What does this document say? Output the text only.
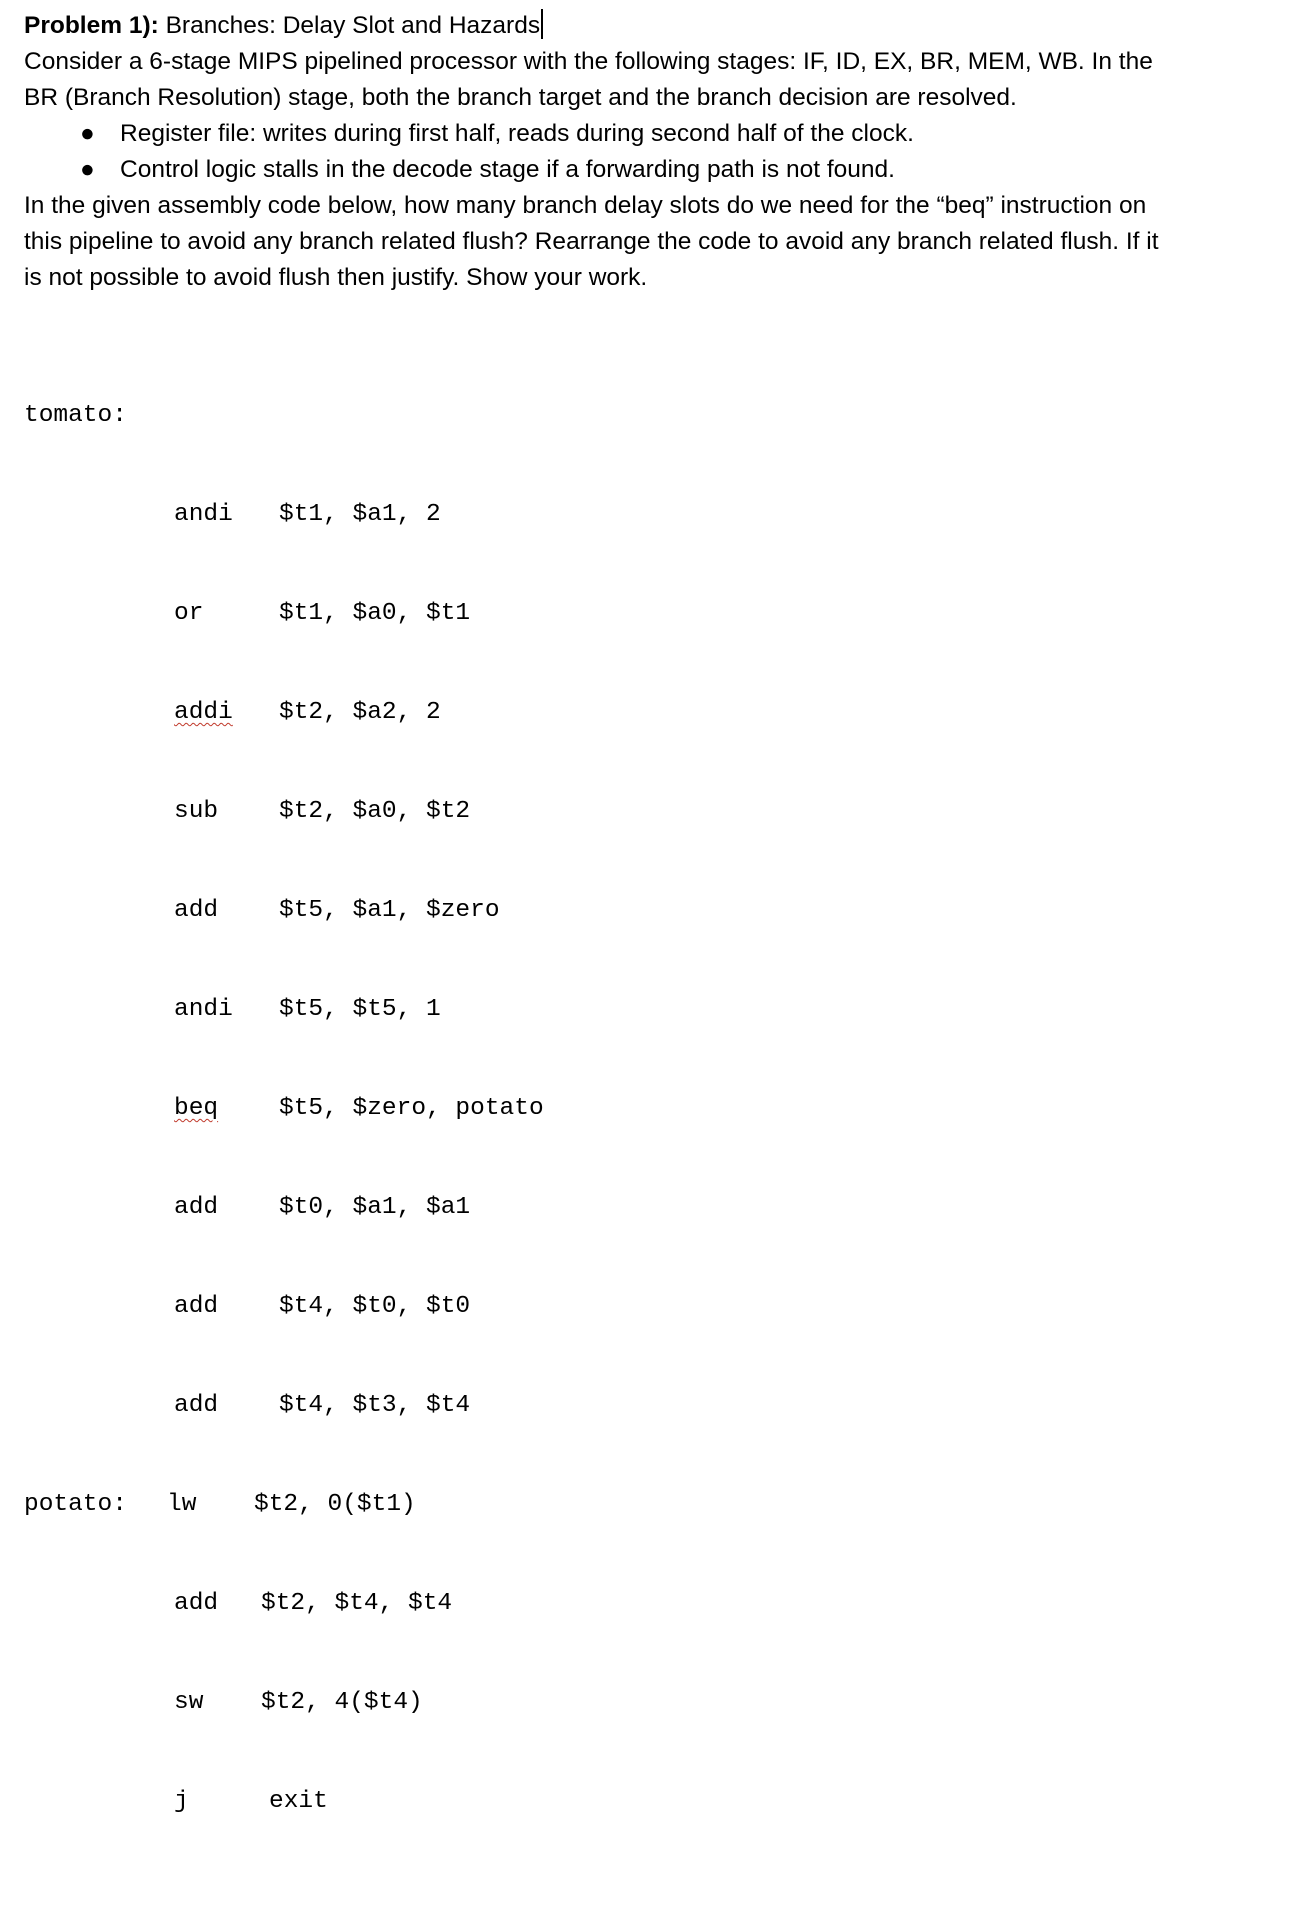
Problem 1): Branches: Delay Slot and Hazards
Consider a 6-stage MIPS pipelined processor with the following stages: IF, ID, EX, BR, MEM, WB. In the
BR (Branch Resolution) stage, both the branch target and the branch decision are resolved.
● Register file: writes during first half, reads during second half of the clock.
● Control logic stalls in the decode stage if a forwarding path is not found.
In the given assembly code below, how many branch delay slots do we need for the “beq” instruction on
this pipeline to avoid any branch related flush? Rearrange the code to avoid any branch related flush. If it
is not possible to avoid flush then justify. Show your work.

tomato:

andi

$t1, $a1, 2

or

	$t1, $a0, $t1

addi

$t2, $a2, 2

sub

$t2, $a0, $t2

add

$t5, $a1, $zero

andi

$t5, $t5, 1

beq

$t5, $zero, potato

add

$t0, $a1, $a1

add

$t4, $t0, $t0

add

$t4, $t3, $t4

potato:

lw

$t2, 0($t1)

add

$t2, $t4, $t4

sw

$t2, 4($t4)

j

	exit
